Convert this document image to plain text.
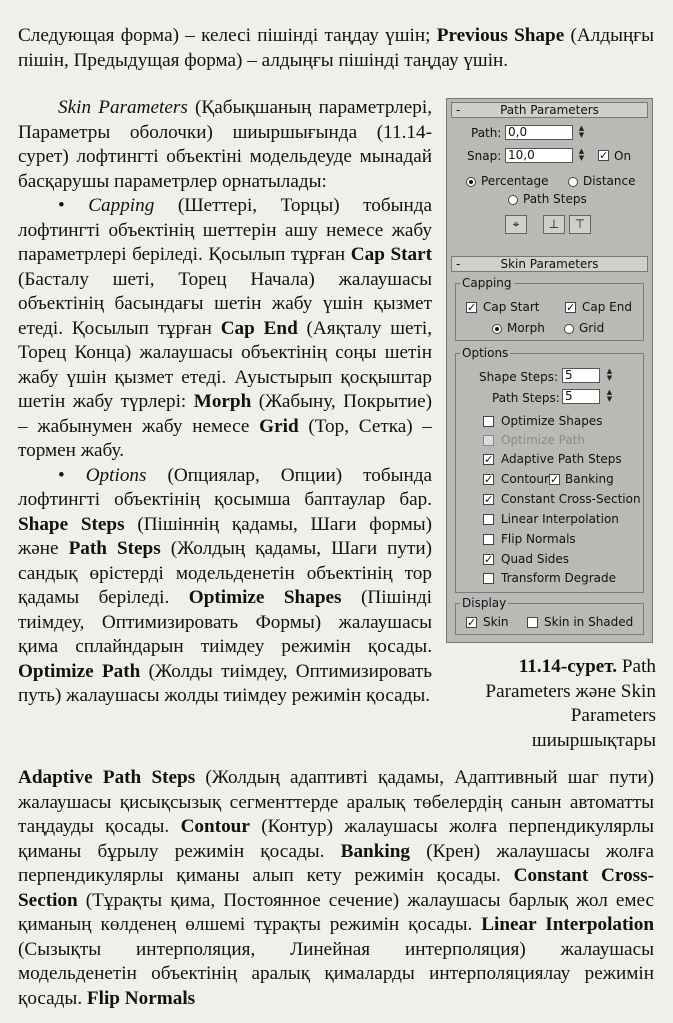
Следующая форма) – келесі пішінді таңдау үшін; Previous Shape (Алдыңғы пішін, Предыдущая форма) – алдыңғы пішінді таңдау үшін.
Skin Parameters (Қабықшаның параметрлері, Параметры оболочки) шиыршығында (11.14-сурет) лофтингті объектіні модельдеуде мынадай басқарушы параметрлер орнатылады:
• Capping (Шеттері, Торцы) тобында лофтингті объектінің шеттерін ашу немесе жабу параметрлері беріледі. Қосылып тұрған Cap Start (Басталу шеті, Торец Начала) жалаушасы объектінің басындағы шетін жабу үшін қызмет етеді. Қосылып тұрған Cap End (Аяқталу шеті, Торец Конца) жалаушасы объектінің соңы шетін жабу үшін қызмет етеді. Ауыстырып қосқыштар шетін жабу түрлері: Morph (Жабыну, Покрытие) – жабынумен жабу немесе Grid (Тор, Сетка) – тормен жабу.
• Options (Опциялар, Опции) тобында лофтингті объектінің қосымша баптаулар бар. Shape Steps (Пішіннің қадамы, Шаги формы) және Path Steps (Жолдың қадамы, Шаги пути) сандық өрістерді модельденетін объектінің тор қадамы беріледі. Optimize Shapes (Пішінді тиімдеу, Оптимизировать Формы) жалаушасы қима сплайндарын тиімдеу режимін қосады. Optimize Path (Жолды тиімдеу, Оптимизировать путь) жалаушасы жолды тиімдеу режимін қосады.
Adaptive Path Steps (Жолдың адаптивті қадамы, Адаптивный шаг пути) жалаушасы қисықсызық сегменттерде аралық төбелердің санын автоматты таңдауды қосады. Contour (Контур) жалаушасы жолға перпендикулярлы қиманы бұрылу режимін қосады. Banking (Крен) жалаушасы жолға перпендикулярлы қиманы алып кету режимін қосады. Constant Cross-Section (Тұрақты қима, Постоянное сечение) жалаушасы барлық жол емес қиманың көлденең өлшемі тұрақты режимін қосады. Linear Interpolation (Сызықты интерполяция, Линейная интерполяция) жалаушасы модельденетін объектінің аралық қималарды интерполяциялау режимін қосады. Flip Normals
-	Path Parameters
Path: 0,0	▲
▼
Snap: 10,0	▲
▼ ✓ On
Percentage	Distance
Path Steps
⌖	⊥	⊤
-	Skin Parameters
Capping
✓ Cap Start ✓ Cap End
Morph	Grid
Options
Shape Steps: 5	▲
▼
Path Steps: 5	▲
▼
Optimize Shapes
Optimize Path
✓ Adaptive Path Steps
✓ Contour ✓ Banking
✓ Constant Cross-Section
Linear Interpolation
Flip Normals
✓ Quad Sides
Transform Degrade
Display
✓ Skin	Skin in Shaded
11.14-сурет. Path Parameters және Skin Parameters шиыршықтары
